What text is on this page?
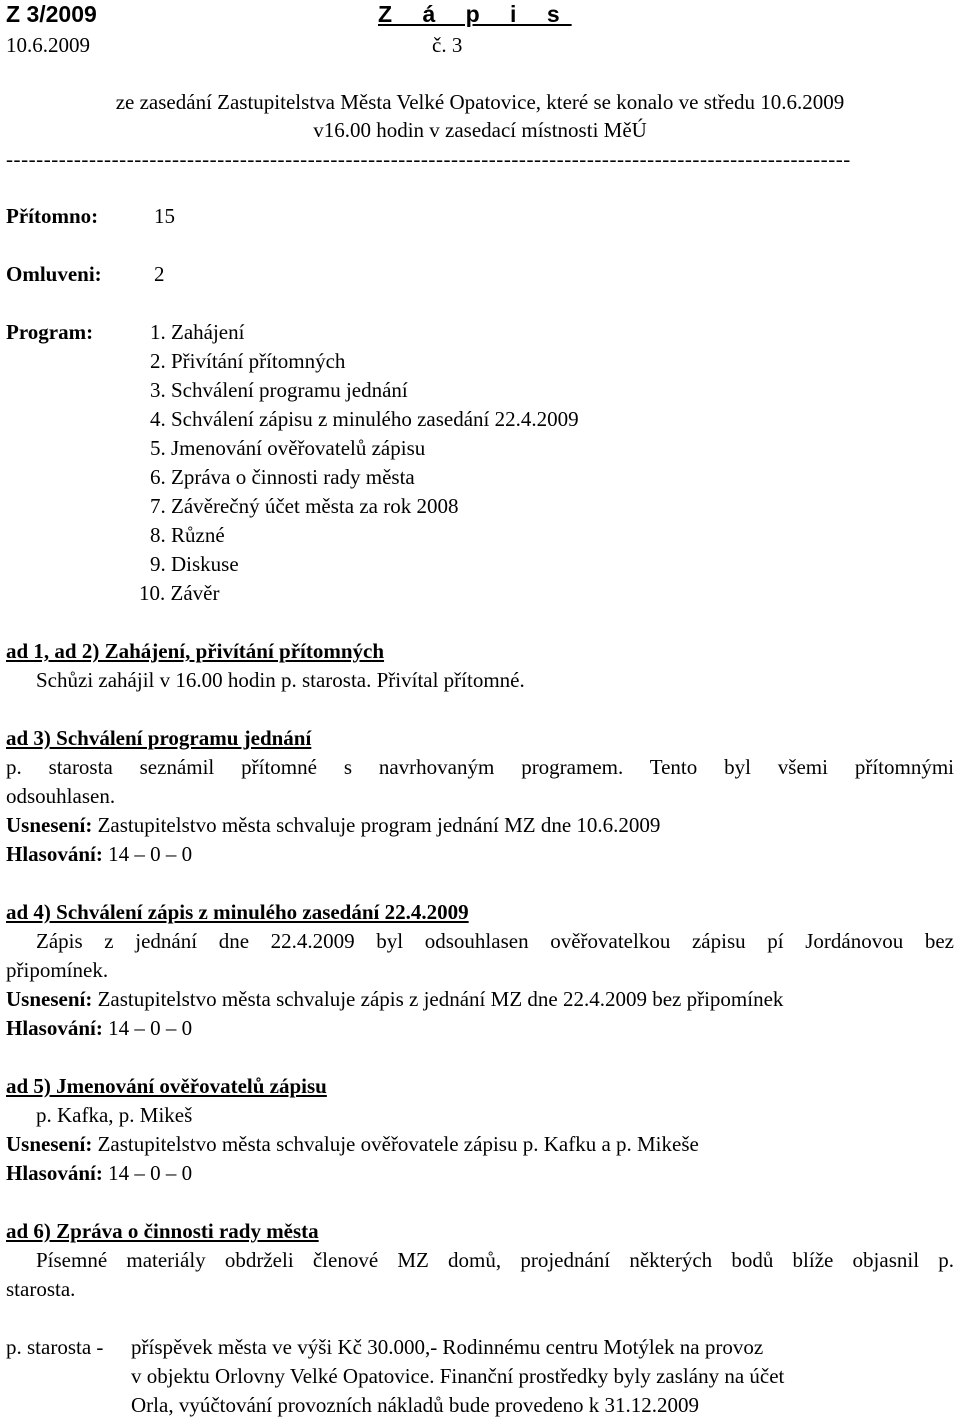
Z 3/2009	Z á p i s
10.6.2009	č. 3
ze zasedání Zastupitelstva Města Velké Opatovice, které se konalo ve středu 10.6.2009
v16.00 hodin v zasedací místnosti MěÚ
----------------------------------------------------------------------------------------------------------------
Přítomno:	15
Omluveni: 2
Program:	1. Zahájení
2. Přivítání přítomných
3. Schválení programu jednání
4. Schválení zápisu z minulého zasedání 22.4.2009
5. Jmenování ověřovatelů zápisu
6. Zpráva o činnosti rady města
7. Závěrečný účet města za rok 2008
8. Různé
9. Diskuse
10. Závěr
ad 1, ad 2) Zahájení, přivítání přítomných
Schůzi zahájil v 16.00 hodin p. starosta. Přivítal přítomné.
ad 3) Schválení programu jednání
p. starosta seznámil přítomné s navrhovaným programem. Tento byl všemi přítomnými
odsouhlasen.
Usnesení: Zastupitelstvo města schvaluje program jednání MZ dne 10.6.2009
Hlasování: 14 – 0 – 0
ad 4) Schválení zápis z minulého zasedání 22.4.2009
Zápis z jednání dne 22.4.2009 byl odsouhlasen ověřovatelkou zápisu pí Jordánovou bez
připomínek.
Usnesení: Zastupitelstvo města schvaluje zápis z jednání MZ dne 22.4.2009 bez připomínek
Hlasování: 14 – 0 – 0
ad 5) Jmenování ověřovatelů zápisu
p. Kafka, p. Mikeš
Usnesení: Zastupitelstvo města schvaluje ověřovatele zápisu p. Kafku a p. Mikeše
Hlasování: 14 – 0 – 0
ad 6) Zpráva o činnosti rady města
Písemné materiály obdrželi členové MZ domů, projednání některých bodů blíže objasnil p.
starosta.
p. starosta - příspěvek města ve výši Kč 30.000,- Rodinnému centru Motýlek na provoz
v objektu Orlovny Velké Opatovice. Finanční prostředky byly zaslány na účet
Orla, vyúčtování provozních nákladů bude provedeno k 31.12.2009
